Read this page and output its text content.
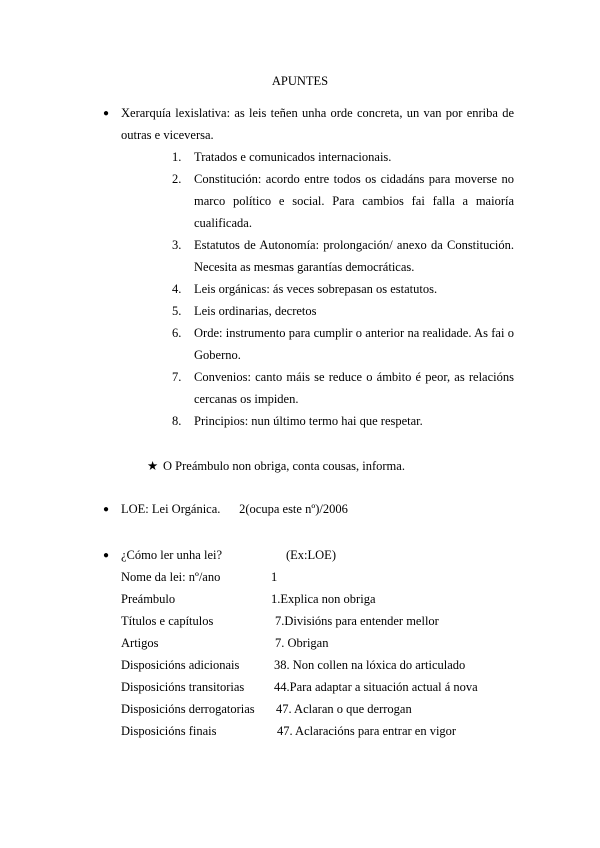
APUNTES
● Xerarquía lexislativa: as leis teñen unha orde concreta, un van por enriba de outras e viceversa.
1.	Tratados e comunicados internacionais.
2.	Constitución: acordo entre todos os cidadáns para moverse no marco político e social. Para cambios fai falla a maioría cualificada.
3.	Estatutos de Autonomía: prolongación/ anexo da Constitución. Necesita as mesmas garantías democráticas.
4.	Leis orgánicas: ás veces sobrepasan os estatutos.
5.	Leis ordinarias, decretos
6.	Orde: instrumento para cumplir o anterior na realidade. As fai o Goberno.
7.	Convenios: canto máis se reduce o ámbito é peor, as relacións cercanas os impiden.
8.	Principios: nun último termo hai que respetar.
★ O Preámbulo non obriga, conta cousas, informa.
● LOE: Lei Orgánica.      2(ocupa este nº)/2006
● ¿Cómo ler unha lei?	(Ex:LOE)
Nome da lei: nº/ano	1
Preámbulo	1.Explica non obriga
Títulos e capítulos	7.Divisións para entender mellor
Artigos	7. Obrigan
Disposicións adicionais	38. Non collen na lóxica do articulado
Disposicións transitorias 44.Para adaptar a situación actual á nova
Disposicións derrogatorias 47. Aclaran o que derrogan
Disposicións finais	47. Aclaracións para entrar en vigor
